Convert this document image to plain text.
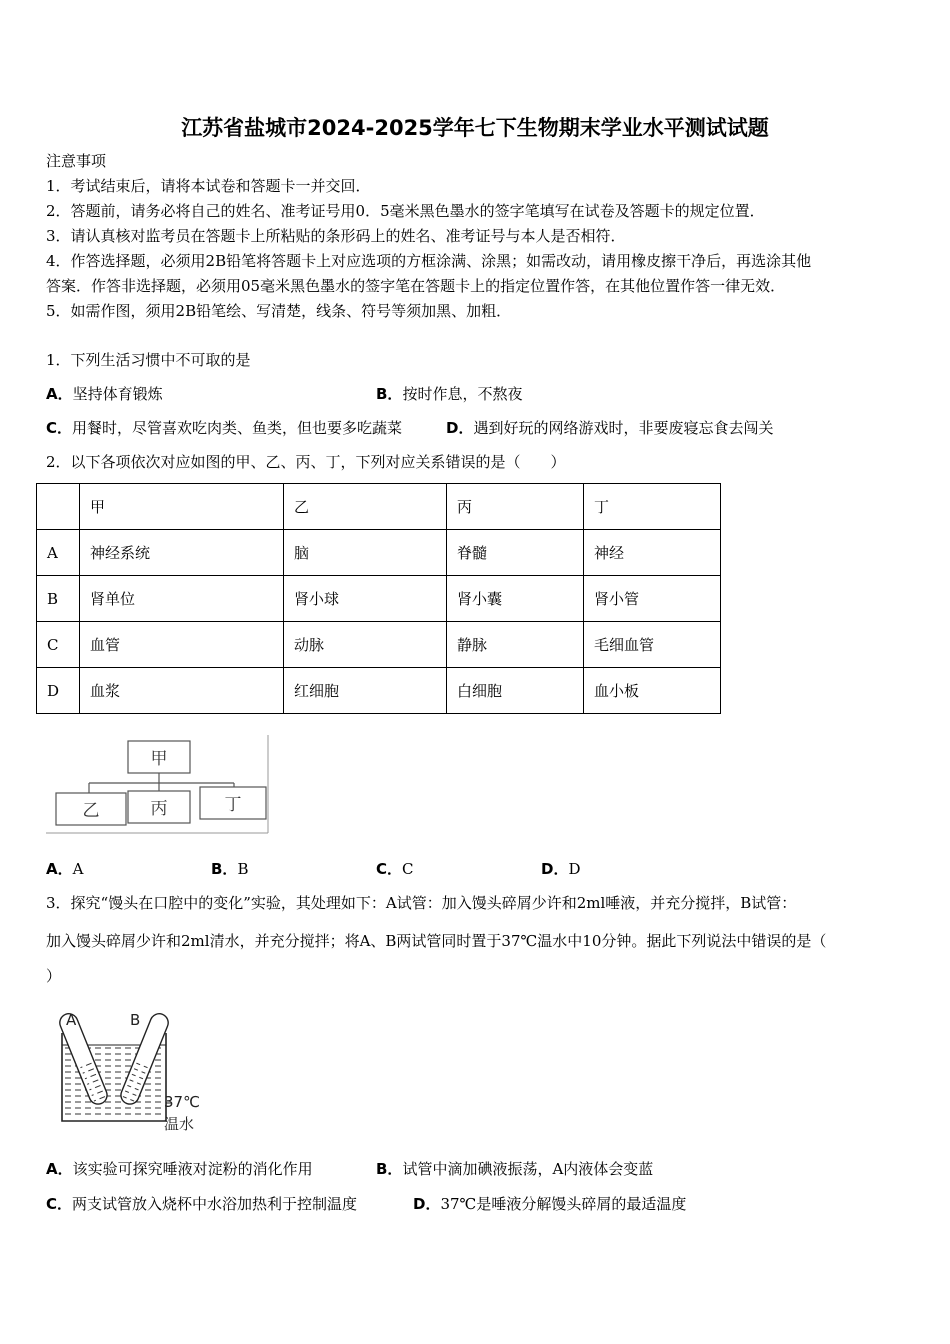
江苏省盐城市2024-2025学年七下生物期末学业水平测试试题
注意事项
1．考试结束后，请将本试卷和答题卡一并交回．
2．答题前，请务必将自己的姓名、准考证号用0．5毫米黑色墨水的签字笔填写在试卷及答题卡的规定位置．
3．请认真核对监考员在答题卡上所粘贴的条形码上的姓名、准考证号与本人是否相符．
4．作答选择题，必须用2B铅笔将答题卡上对应选项的方框涂满、涂黑；如需改动，请用橡皮擦干净后，再选涂其他
答案．作答非选择题，必须用05毫米黑色墨水的签字笔在答题卡上的指定位置作答，在其他位置作答一律无效．
5．如需作图，须用2B铅笔绘、写清楚，线条、符号等须加黑、加粗．
1．下列生活习惯中不可取的是
A．坚持体育锻炼	B．按时作息，不熬夜
C．用餐时，尽管喜欢吃肉类、鱼类，但也要多吃蔬菜	D．遇到好玩的网络游戏时，非要废寝忘食去闯关
2．以下各项依次对应如图的甲、乙、丙、丁，下列对应关系错误的是（　　）
	甲	乙	丙	丁
A	神经系统	脑	脊髓	神经
B	肾单位	肾小球	肾小囊	肾小管
C	血管	动脉	静脉	毛细血管
D	血浆	红细胞	白细胞	血小板
甲
乙	丙	丁
A．A	B．B	C．C	D．D
3．探究“馒头在口腔中的变化”实验，其处理如下：A试管：加入馒头碎屑少许和2ml唾液，并充分搅拌，B试管：
加入馒头碎屑少许和2ml清水，并充分搅拌；将A、B两试管同时置于37℃温水中10分钟。据此下列说法中错误的是（
）
A	B
37℃
温水
A．该实验可探究唾液对淀粉的消化作用	B．试管中滴加碘液振荡，A内液体会变蓝
C．两支试管放入烧杯中水浴加热利于控制温度	D．37℃是唾液分解馒头碎屑的最适温度
